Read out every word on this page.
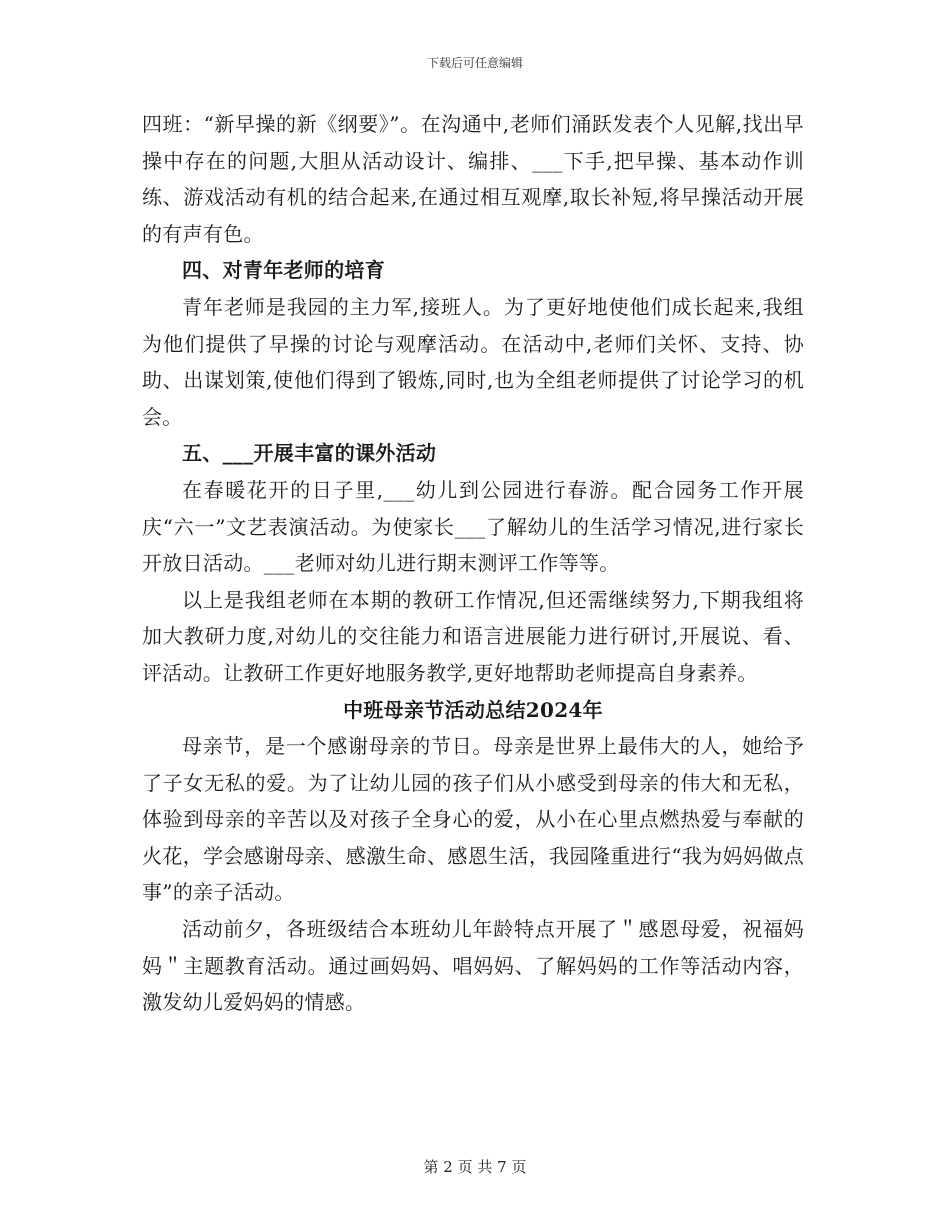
下载后可任意编辑

四班：“新早操的新《纲要》”。在沟通中,老师们涌跃发表个人见解,找出早操中存在的问题,大胆从活动设计、编排、___下手,把早操、基本动作训练、游戏活动有机的结合起来,在通过相互观摩,取长补短,将早操活动开展的有声有色。

四、对青年老师的培育

青年老师是我园的主力军,接班人。为了更好地使他们成长起来,我组为他们提供了早操的讨论与观摩活动。在活动中,老师们关怀、支持、协助、出谋划策,使他们得到了锻炼,同时,也为全组老师提供了讨论学习的机会。

五、___开展丰富的课外活动

在春暖花开的日子里,___幼儿到公园进行春游。配合园务工作开展庆“六一”文艺表演活动。为使家长___了解幼儿的生活学习情况,进行家长开放日活动。___老师对幼儿进行期末测评工作等等。

以上是我组老师在本期的教研工作情况,但还需继续努力,下期我组将加大教研力度,对幼儿的交往能力和语言进展能力进行研讨,开展说、看、评活动。让教研工作更好地服务教学,更好地帮助老师提高自身素养。

中班母亲节活动总结2024年

母亲节，是一个感谢母亲的节日。母亲是世界上最伟大的人，她给予了子女无私的爱。为了让幼儿园的孩子们从小感受到母亲的伟大和无私，体验到母亲的辛苦以及对孩子全身心的爱，从小在心里点燃热爱与奉献的火花，学会感谢母亲、感激生命、感恩生活，我园隆重进行“我为妈妈做点事”的亲子活动。

活动前夕，各班级结合本班幼儿年龄特点开展了＂感恩母爱，祝福妈妈＂主题教育活动。通过画妈妈、唱妈妈、了解妈妈的工作等活动内容，激发幼儿爱妈妈的情感。

第 2 页 共 7 页
